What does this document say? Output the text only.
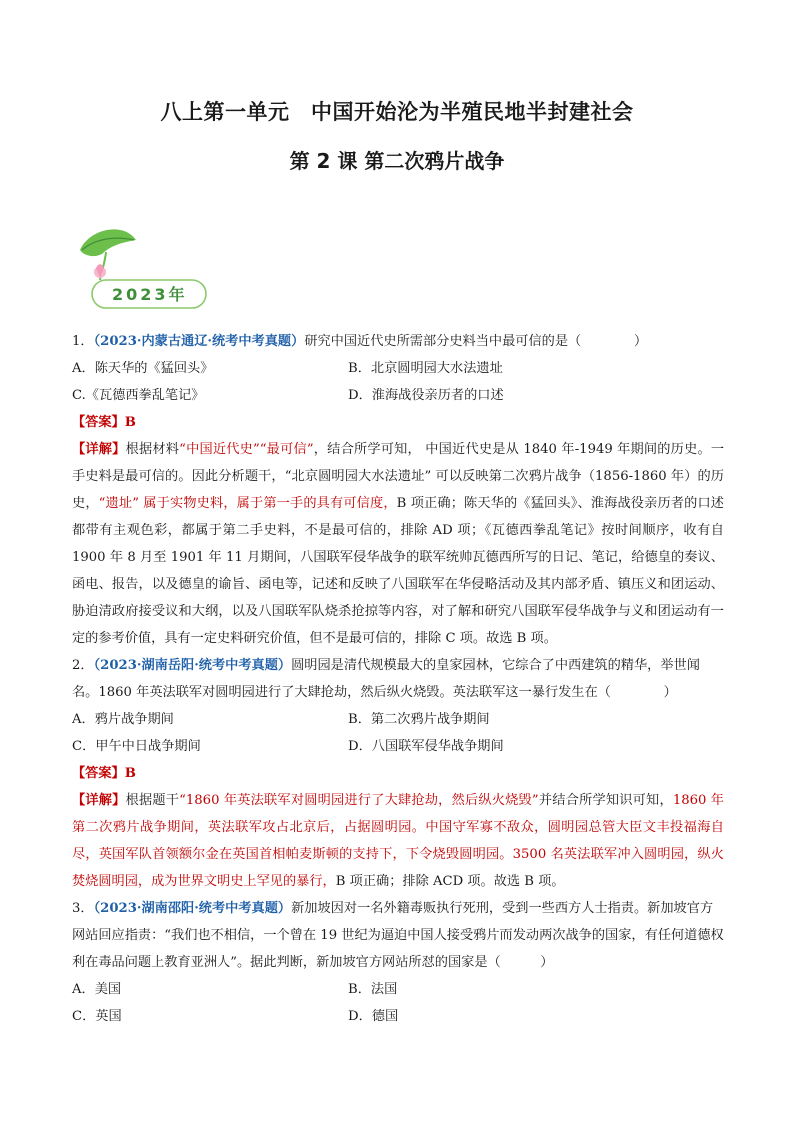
八上第一单元　中国开始沦为半殖民地半封建社会
第 2 课 第二次鸦片战争
2023年

1．（2023·内蒙古通辽·统考中考真题）研究中国近代史所需部分史料当中最可信的是（　　　　）

A．陈天华的《猛回头》	B．北京圆明园大水法遗址

C.《瓦德西拳乱笔记》	D．淮海战役亲历者的口述

【答案】B

【详解】根据材料“中国近代史”“最可信”，结合所学可知， 中国近代史是从 1840 年-1949 年期间的历史。一手史料是最可信的。因此分析题干，“北京圆明园大水法遗址” 可以反映第二次鸦片战争（1856-1860 年）的历史，“遗址” 属于实物史料，属于第一手的具有可信度，B 项正确；陈天华的《猛回头》、淮海战役亲历者的口述都带有主观色彩，都属于第二手史料，不是最可信的，排除 AD 项；《瓦德西拳乱笔记》按时间顺序，收有自 1900 年 8 月至 1901 年 11 月期间，八国联军侵华战争的联军统帅瓦德西所写的日记、笔记，给德皇的奏议、函电、报告，以及德皇的谕旨、函电等，记述和反映了八国联军在华侵略活动及其内部矛盾、镇压义和团运动、胁迫清政府接受议和大纲，以及八国联军队烧杀抢掠等内容，对了解和研究八国联军侵华战争与义和团运动有一定的参考价值，具有一定史料研究价值，但不是最可信的，排除 C 项。故选 B 项。

2．（2023·湖南岳阳·统考中考真题）圆明园是清代规模最大的皇家园林，它综合了中西建筑的精华，举世闻名。1860 年英法联军对圆明园进行了大肆抢劫，然后纵火烧毁。英法联军这一暴行发生在（　　　　）

A．鸦片战争期间	B．第二次鸦片战争期间

C．甲午中日战争期间	D．八国联军侵华战争期间

【答案】B

【详解】根据题干“1860 年英法联军对圆明园进行了大肆抢劫，然后纵火烧毁”并结合所学知识可知，1860 年第二次鸦片战争期间，英法联军攻占北京后，占据圆明园。中国守军寡不敌众，圆明园总管大臣文丰投福海自尽，英国军队首领额尔金在英国首相帕麦斯顿的支持下，下令烧毁圆明园。3500 名英法联军冲入圆明园，纵火焚烧圆明园，成为世界文明史上罕见的暴行，B 项正确；排除 ACD 项。故选 B 项。

3．（2023·湖南邵阳·统考中考真题）新加坡因对一名外籍毒贩执行死刑，受到一些西方人士指责。新加坡官方网站回应指责：“我们也不相信，一个曾在 19 世纪为逼迫中国人接受鸦片而发动两次战争的国家，有任何道德权利在毒品问题上教育亚洲人”。据此判断，新加坡官方网站所怼的国家是（　　　）

A．美国	B．法国

C．英国	D．德国
